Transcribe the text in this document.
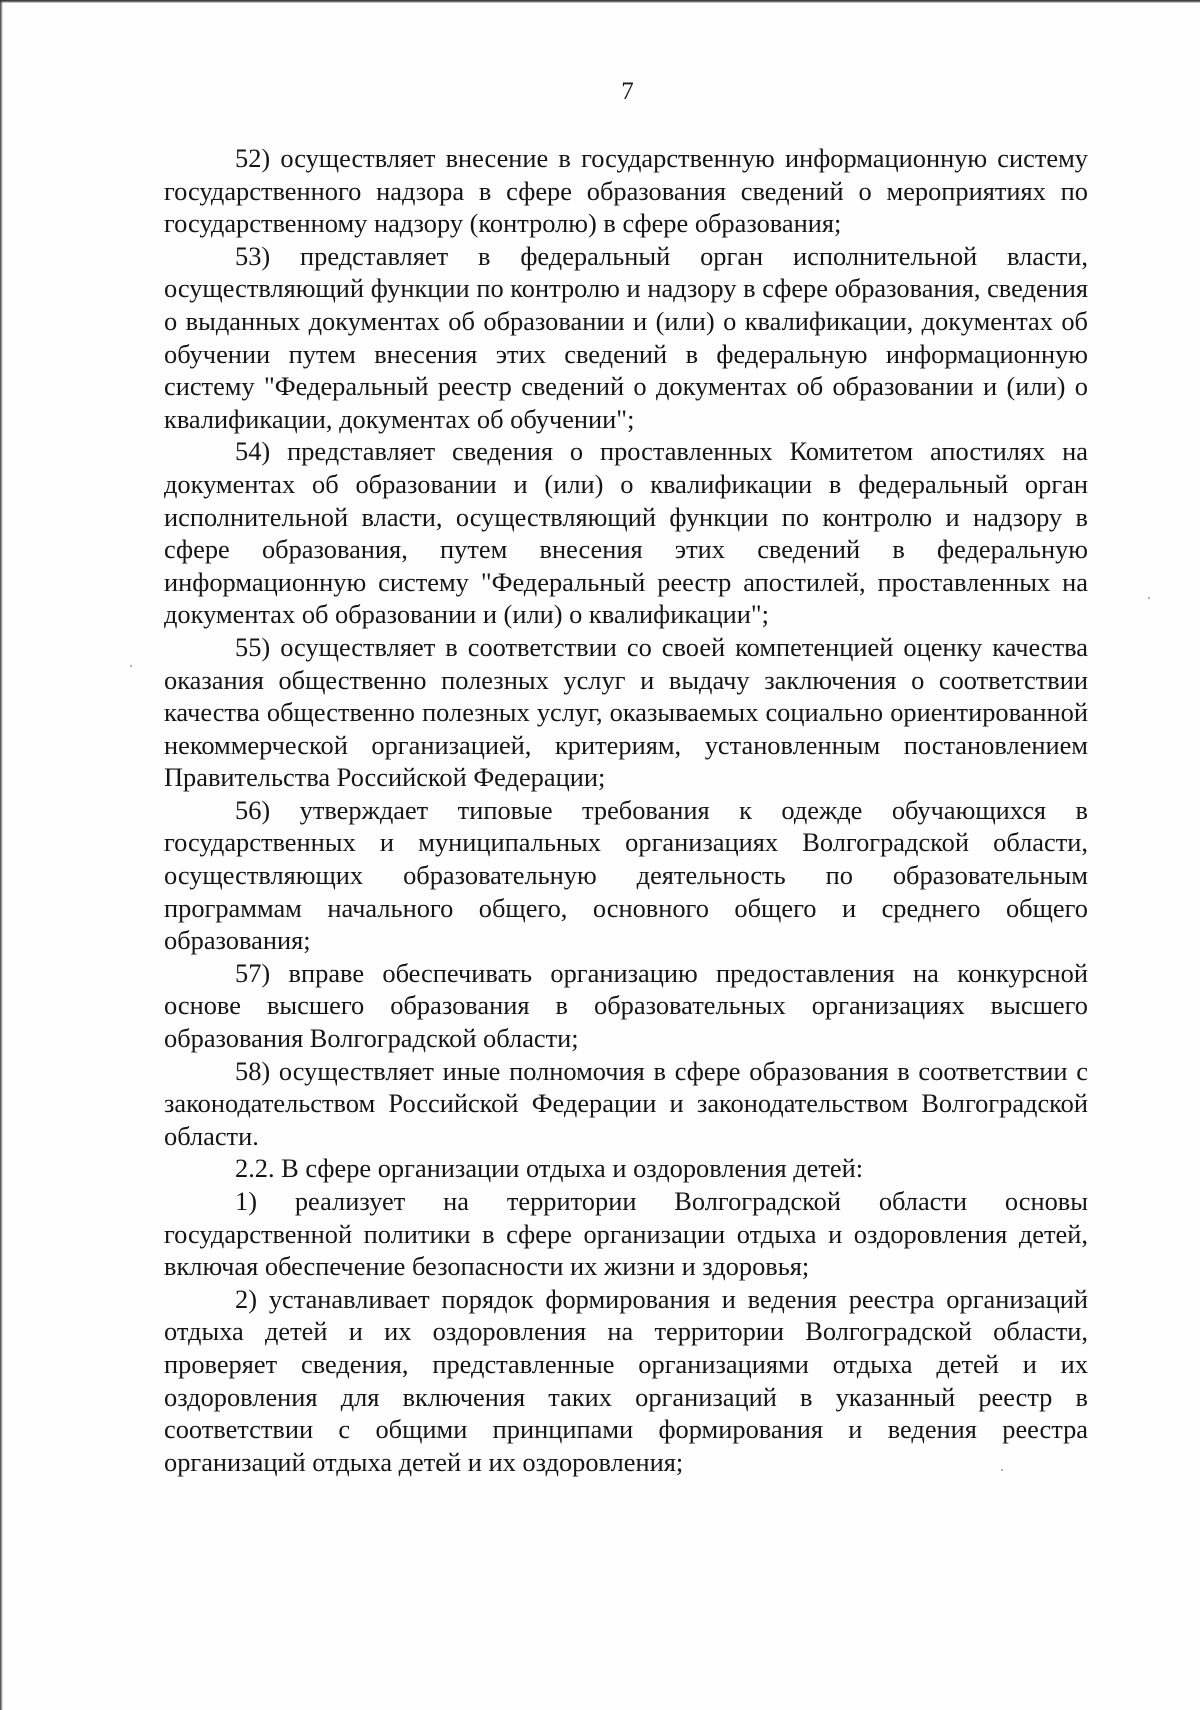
7

52) осуществляет внесение в государственную информационную систему государственного надзора в сфере образования сведений о мероприятиях по государственному надзору (контролю) в сфере образования;

53) представляет в федеральный орган исполнительной власти, осуществляющий функции по контролю и надзору в сфере образования, сведения о выданных документах об образовании и (или) о квалификации, документах об обучении путем внесения этих сведений в федеральную информационную систему "Федеральный реестр сведений о документах об образовании и (или) о квалификации, документах об обучении";

54) представляет сведения о проставленных Комитетом апостилях на документах об образовании и (или) о квалификации в федеральный орган исполнительной власти, осуществляющий функции по контролю и надзору в сфере образования, путем внесения этих сведений в федеральную информационную систему "Федеральный реестр апостилей, проставленных на документах об образовании и (или) о квалификации";

55) осуществляет в соответствии со своей компетенцией оценку качества оказания общественно полезных услуг и выдачу заключения о соответствии качества общественно полезных услуг, оказываемых социально ориентированной некоммерческой организацией, критериям, установленным постановлением Правительства Российской Федерации;

56) утверждает типовые требования к одежде обучающихся в государственных и муниципальных организациях Волгоградской области, осуществляющих образовательную деятельность по образовательным программам начального общего, основного общего и среднего общего образования;

57) вправе обеспечивать организацию предоставления на конкурсной основе высшего образования в образовательных организациях высшего образования Волгоградской области;

58) осуществляет иные полномочия в сфере образования в соответствии с законодательством Российской Федерации и законодательством Волгоградской области.

2.2. В сфере организации отдыха и оздоровления детей:

1) реализует на территории Волгоградской области основы государственной политики в сфере организации отдыха и оздоровления детей, включая обеспечение безопасности их жизни и здоровья;

2) устанавливает порядок формирования и ведения реестра организаций отдыха детей и их оздоровления на территории Волгоградской области, проверяет сведения, представленные организациями отдыха детей и их оздоровления для включения таких организаций в указанный реестр в соответствии с общими принципами формирования и ведения реестра организаций отдыха детей и их оздоровления;
